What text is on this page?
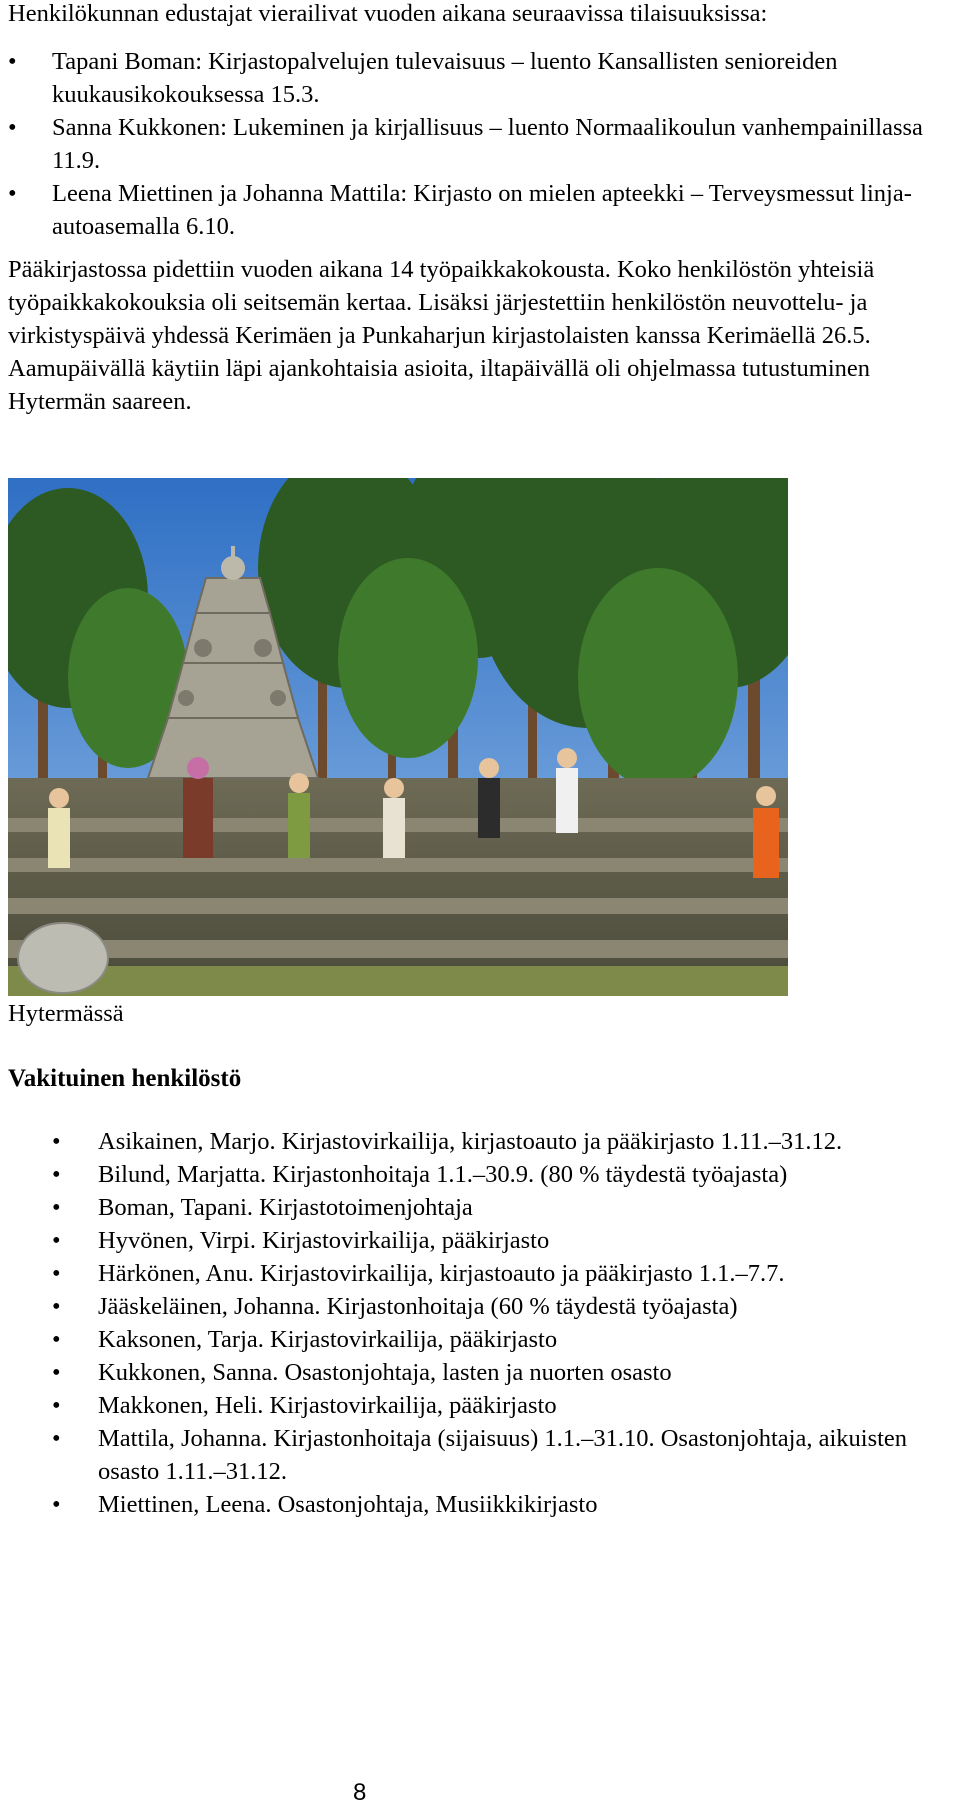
Henkilökunnan edustajat vierailivat vuoden aikana seuraavissa tilaisuuksissa:

• Tapani Boman: Kirjastopalvelujen tulevaisuus – luento Kansallisten senioreiden kuukausikokouksessa 15.3.
• Sanna Kukkonen: Lukeminen ja kirjallisuus – luento Normaalikoulun vanhempainillassa 11.9.
• Leena Miettinen ja Johanna Mattila: Kirjasto on mielen apteekki – Terveysmessut linja-autoasemalla 6.10.

Pääkirjastossa pidettiin vuoden aikana 14 työpaikkakokousta. Koko henkilöstön yhteisiä työpaikkakokouksia oli seitsemän kertaa. Lisäksi järjestettiin henkilöstön neuvottelu- ja virkistyspäivä yhdessä Kerimäen ja Punkaharjun kirjastolaisten kanssa Kerimäellä 26.5. Aamupäivällä käytiin läpi ajankohtaisia asioita, iltapäivällä oli ohjelmassa tutustuminen Hytermän saareen.

Hytermässä

Vakituinen henkilöstö

• Asikainen, Marjo. Kirjastovirkailija, kirjastoauto ja pääkirjasto 1.11.–31.12.
• Bilund, Marjatta. Kirjastonhoitaja 1.1.–30.9. (80 % täydestä työajasta)
• Boman, Tapani. Kirjastotoimenjohtaja
• Hyvönen, Virpi. Kirjastovirkailija, pääkirjasto
• Härkönen, Anu. Kirjastovirkailija, kirjastoauto ja pääkirjasto 1.1.–7.7.
• Jääskeläinen, Johanna. Kirjastonhoitaja (60 % täydestä työajasta)
• Kaksonen, Tarja. Kirjastovirkailija, pääkirjasto
• Kukkonen, Sanna. Osastonjohtaja, lasten ja nuorten osasto
• Makkonen, Heli. Kirjastovirkailija, pääkirjasto
• Mattila, Johanna. Kirjastonhoitaja (sijaisuus) 1.1.–31.10. Osastonjohtaja, aikuisten osasto 1.11.–31.12.
• Miettinen, Leena. Osastonjohtaja, Musiikkikirjasto

8
